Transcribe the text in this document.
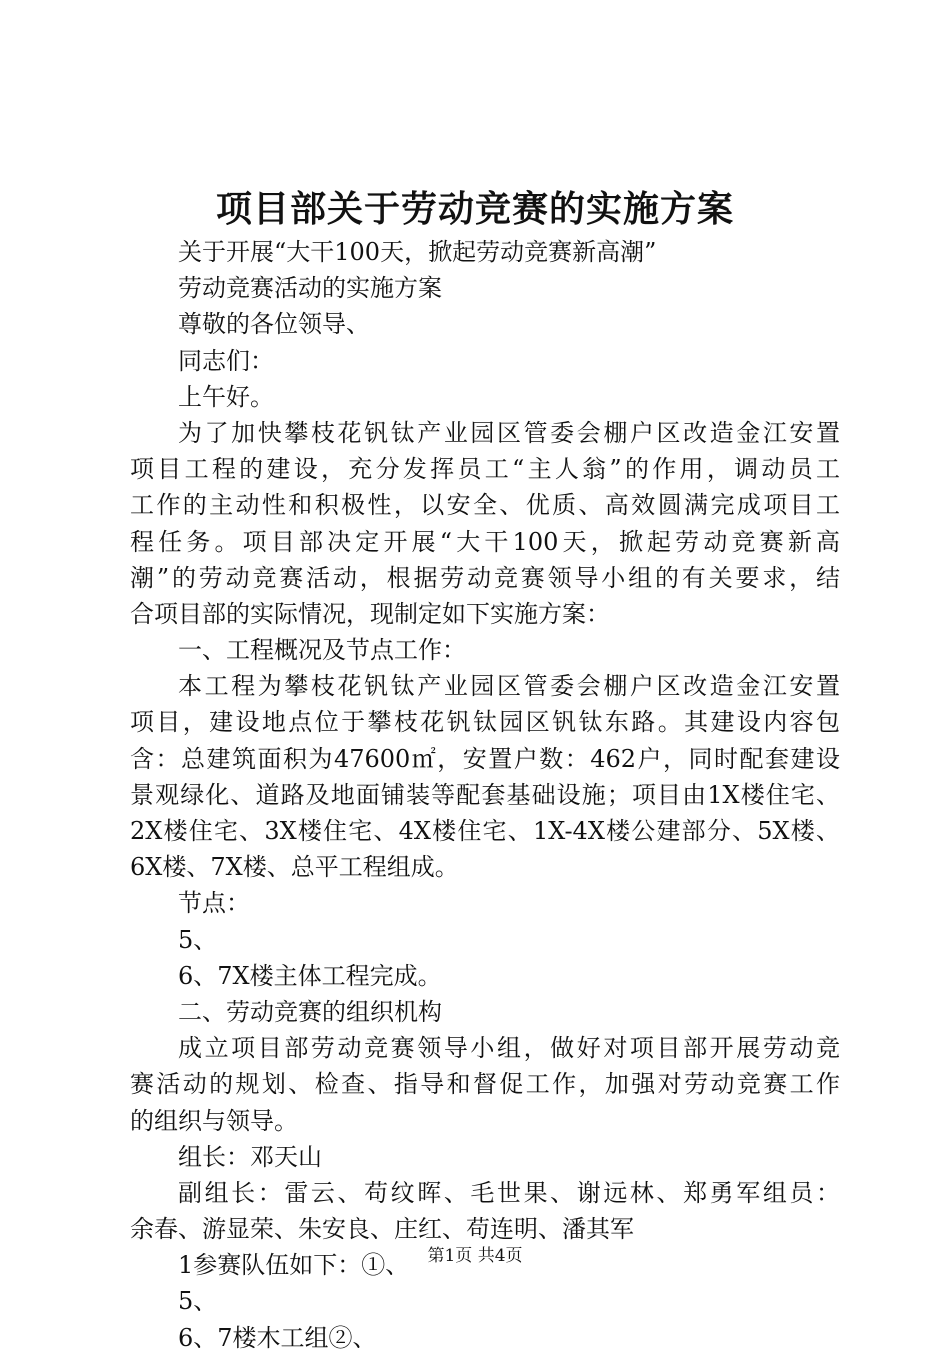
项目部关于劳动竞赛的实施方案
关于开展“大干100天，掀起劳动竞赛新高潮”
劳动竞赛活动的实施方案
尊敬的各位领导、
同志们：
上午好。
为了加快攀枝花钒钛产业园区管委会棚户区改造金江安置
项目工程的建设，充分发挥员工“主人翁”的作用，调动员工
工作的主动性和积极性，以安全、优质、高效圆满完成项目工
程任务。项目部决定开展“大干100天，掀起劳动竞赛新高
潮”的劳动竞赛活动，根据劳动竞赛领导小组的有关要求，结
合项目部的实际情况，现制定如下实施方案：
一、工程概况及节点工作：
本工程为攀枝花钒钛产业园区管委会棚户区改造金江安置
项目，建设地点位于攀枝花钒钛园区钒钛东路。其建设内容包
含：总建筑面积为47600㎡，安置户数：462户，同时配套建设
景观绿化、道路及地面铺装等配套基础设施；项目由1X楼住宅、
2X楼住宅、3X楼住宅、4X楼住宅、1X-4X楼公建部分、5X楼、
6X楼、7X楼、总平工程组成。
节点：
5、
6、7X楼主体工程完成。
二、劳动竞赛的组织机构
成立项目部劳动竞赛领导小组，做好对项目部开展劳动竞
赛活动的规划、检查、指导和督促工作，加强对劳动竞赛工作
的组织与领导。
组长：邓天山
副组长：雷云、苟纹晖、毛世果、谢远林、郑勇军组员：
余春、游显荣、朱安良、庄红、苟连明、潘其军
1参赛队伍如下：①、
5、
6、7楼木工组②、
第1页 共4页
